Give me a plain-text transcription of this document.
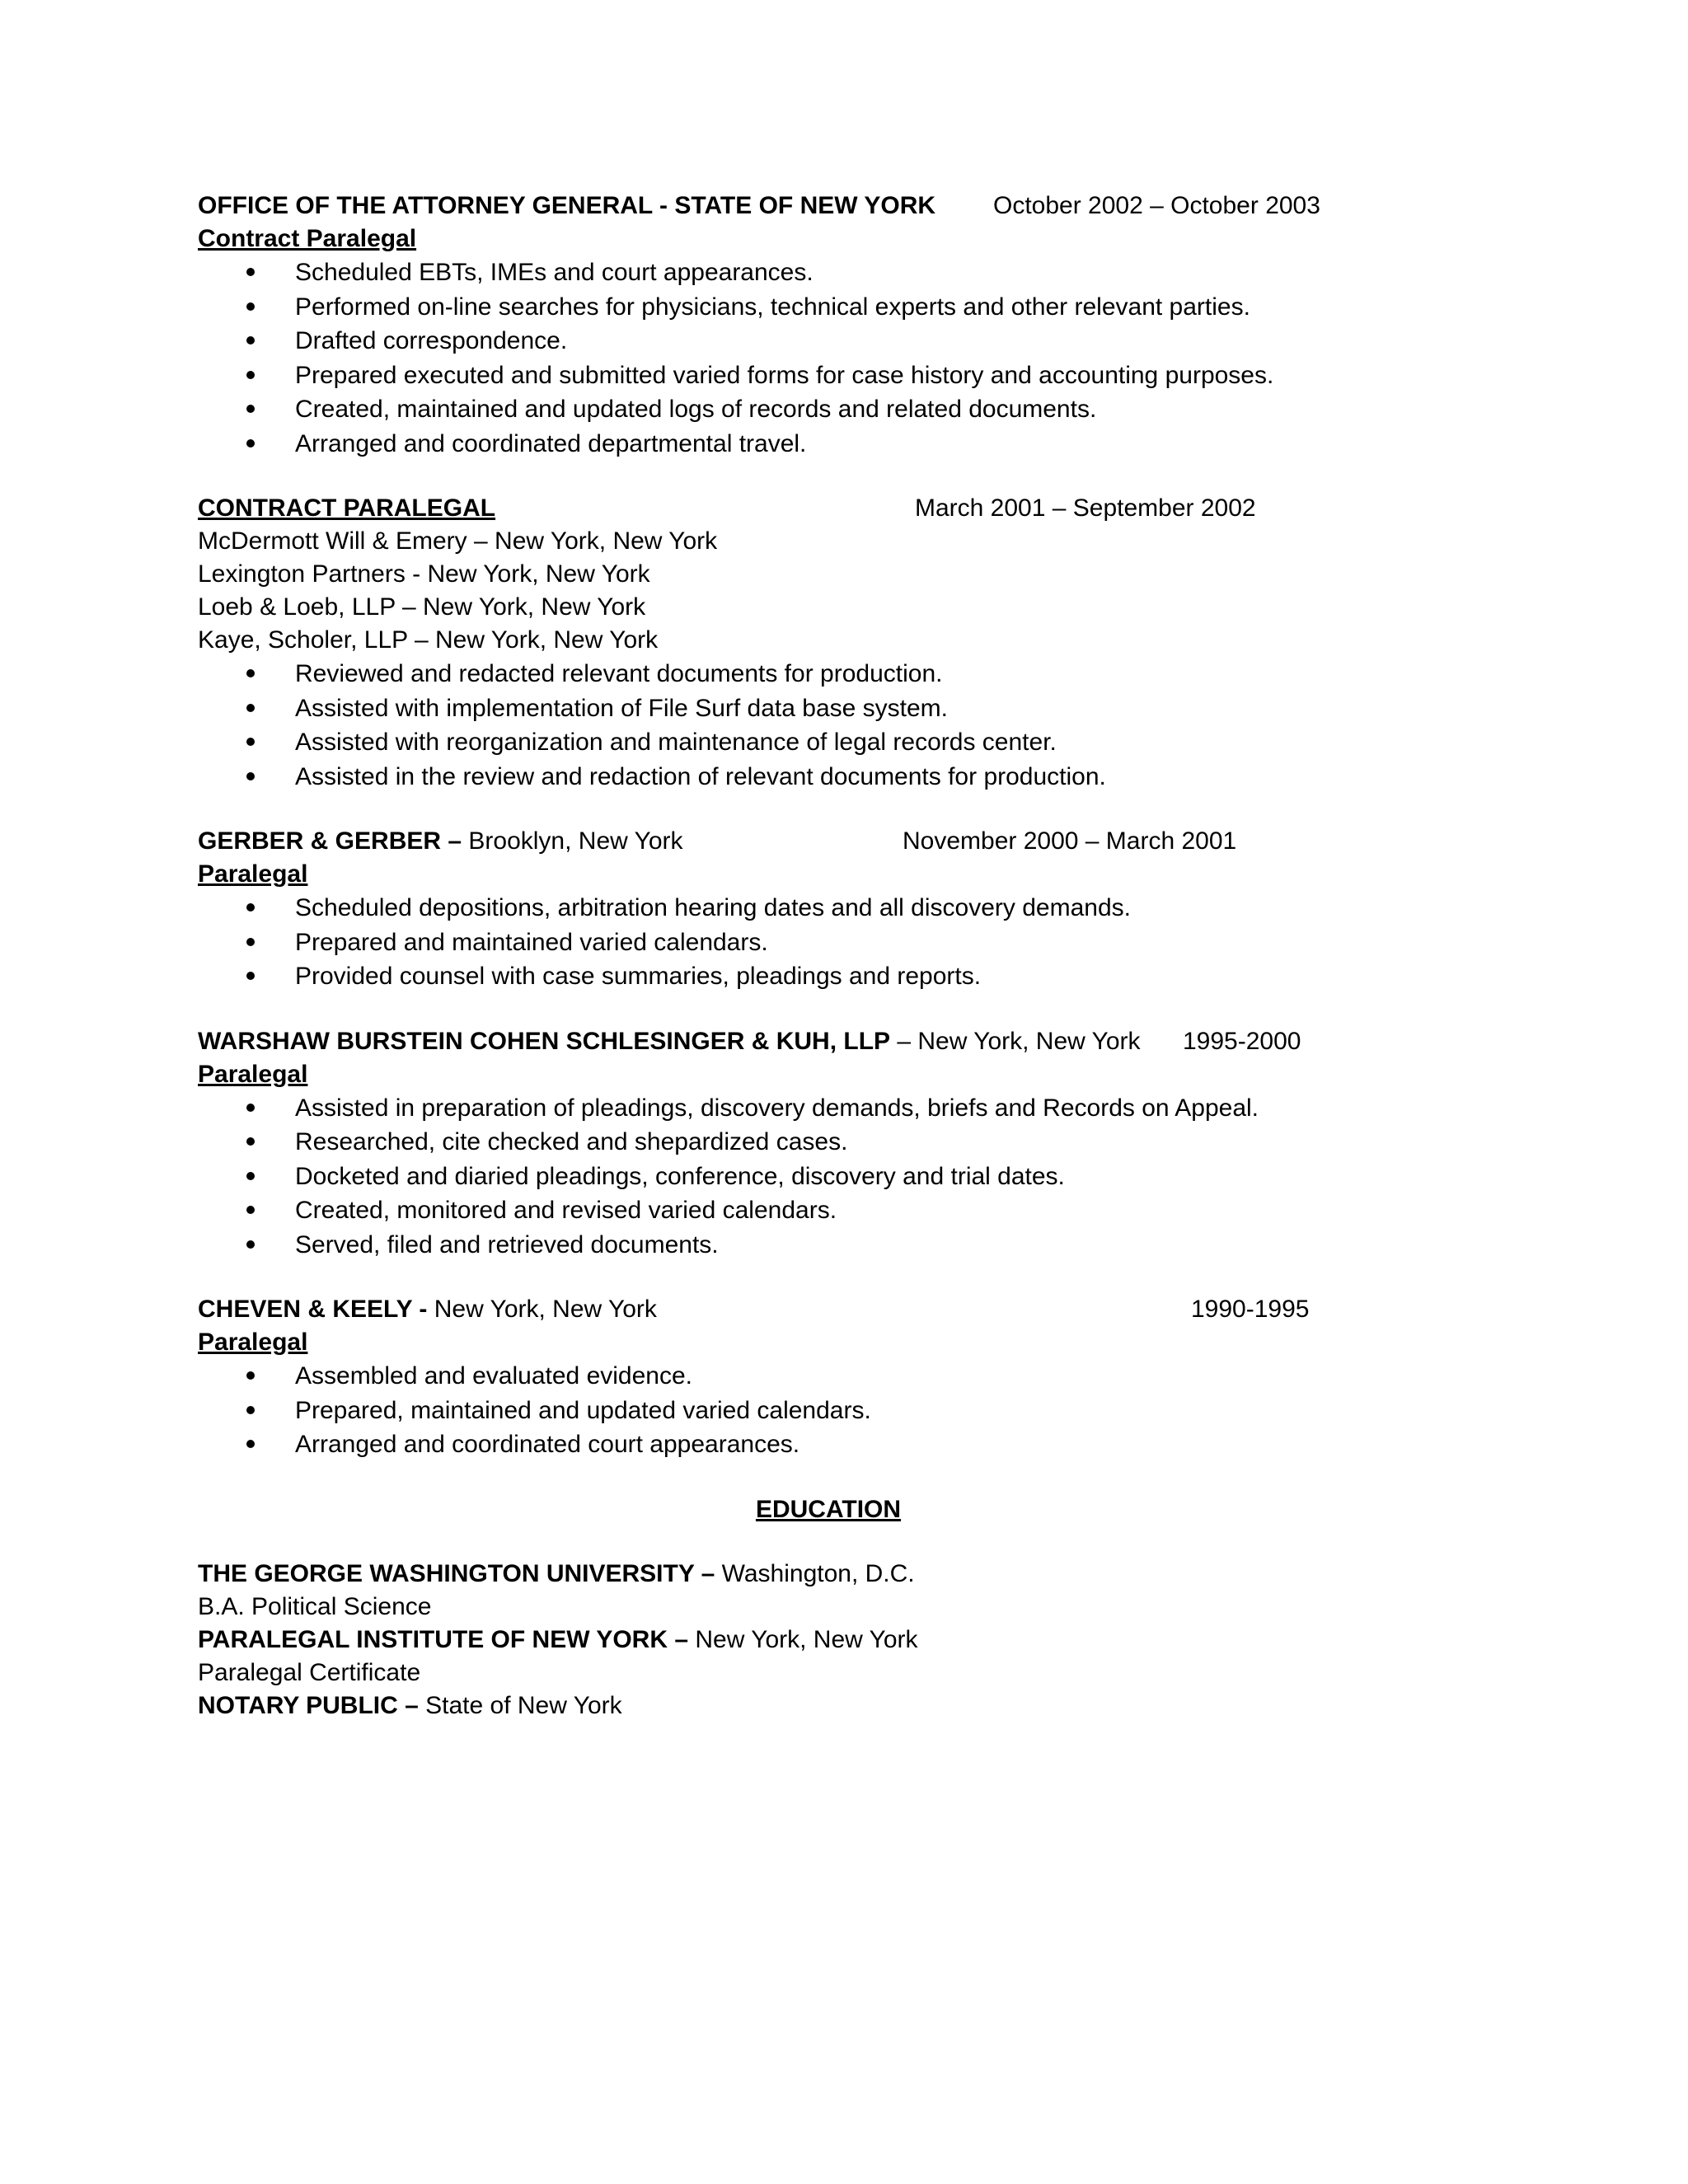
OFFICE OF THE ATTORNEY GENERAL - STATE OF NEW YORK October 2002 – October 2003
Contract Paralegal
Scheduled EBTs, IMEs and court appearances.
Performed on-line searches for physicians, technical experts and other relevant parties.
Drafted correspondence.
Prepared executed and submitted varied forms for case history and accounting purposes.
Created, maintained and updated logs of records and related documents.
Arranged and coordinated departmental travel.
CONTRACT PARALEGAL	March 2001 – September 2002
McDermott Will & Emery – New York, New York
Lexington Partners - New York, New York
Loeb & Loeb, LLP – New York, New York
Kaye, Scholer, LLP – New York, New York
Reviewed and redacted relevant documents for production.
Assisted with implementation of File Surf data base system.
Assisted with reorganization and maintenance of legal records center.
Assisted in the review and redaction of relevant documents for production.
GERBER & GERBER – Brooklyn, New York	November 2000 – March 2001
Paralegal
Scheduled depositions, arbitration hearing dates and all discovery demands.
Prepared and maintained varied calendars.
Provided counsel with case summaries, pleadings and reports.
WARSHAW BURSTEIN COHEN SCHLESINGER & KUH, LLP – New York, New York 1995-2000
Paralegal
Assisted in preparation of pleadings, discovery demands, briefs and Records on Appeal.
Researched, cite checked and shepardized cases.
Docketed and diaried pleadings, conference, discovery and trial dates.
Created, monitored and revised varied calendars.
Served, filed and retrieved documents.
CHEVEN & KEELY - New York, New York	1990-1995
Paralegal
Assembled and evaluated evidence.
Prepared, maintained and updated varied calendars.
Arranged and coordinated court appearances.
EDUCATION
THE GEORGE WASHINGTON UNIVERSITY – Washington, D.C.
B.A. Political Science
PARALEGAL INSTITUTE OF NEW YORK – New York, New York
Paralegal Certificate
NOTARY PUBLIC – State of New York
